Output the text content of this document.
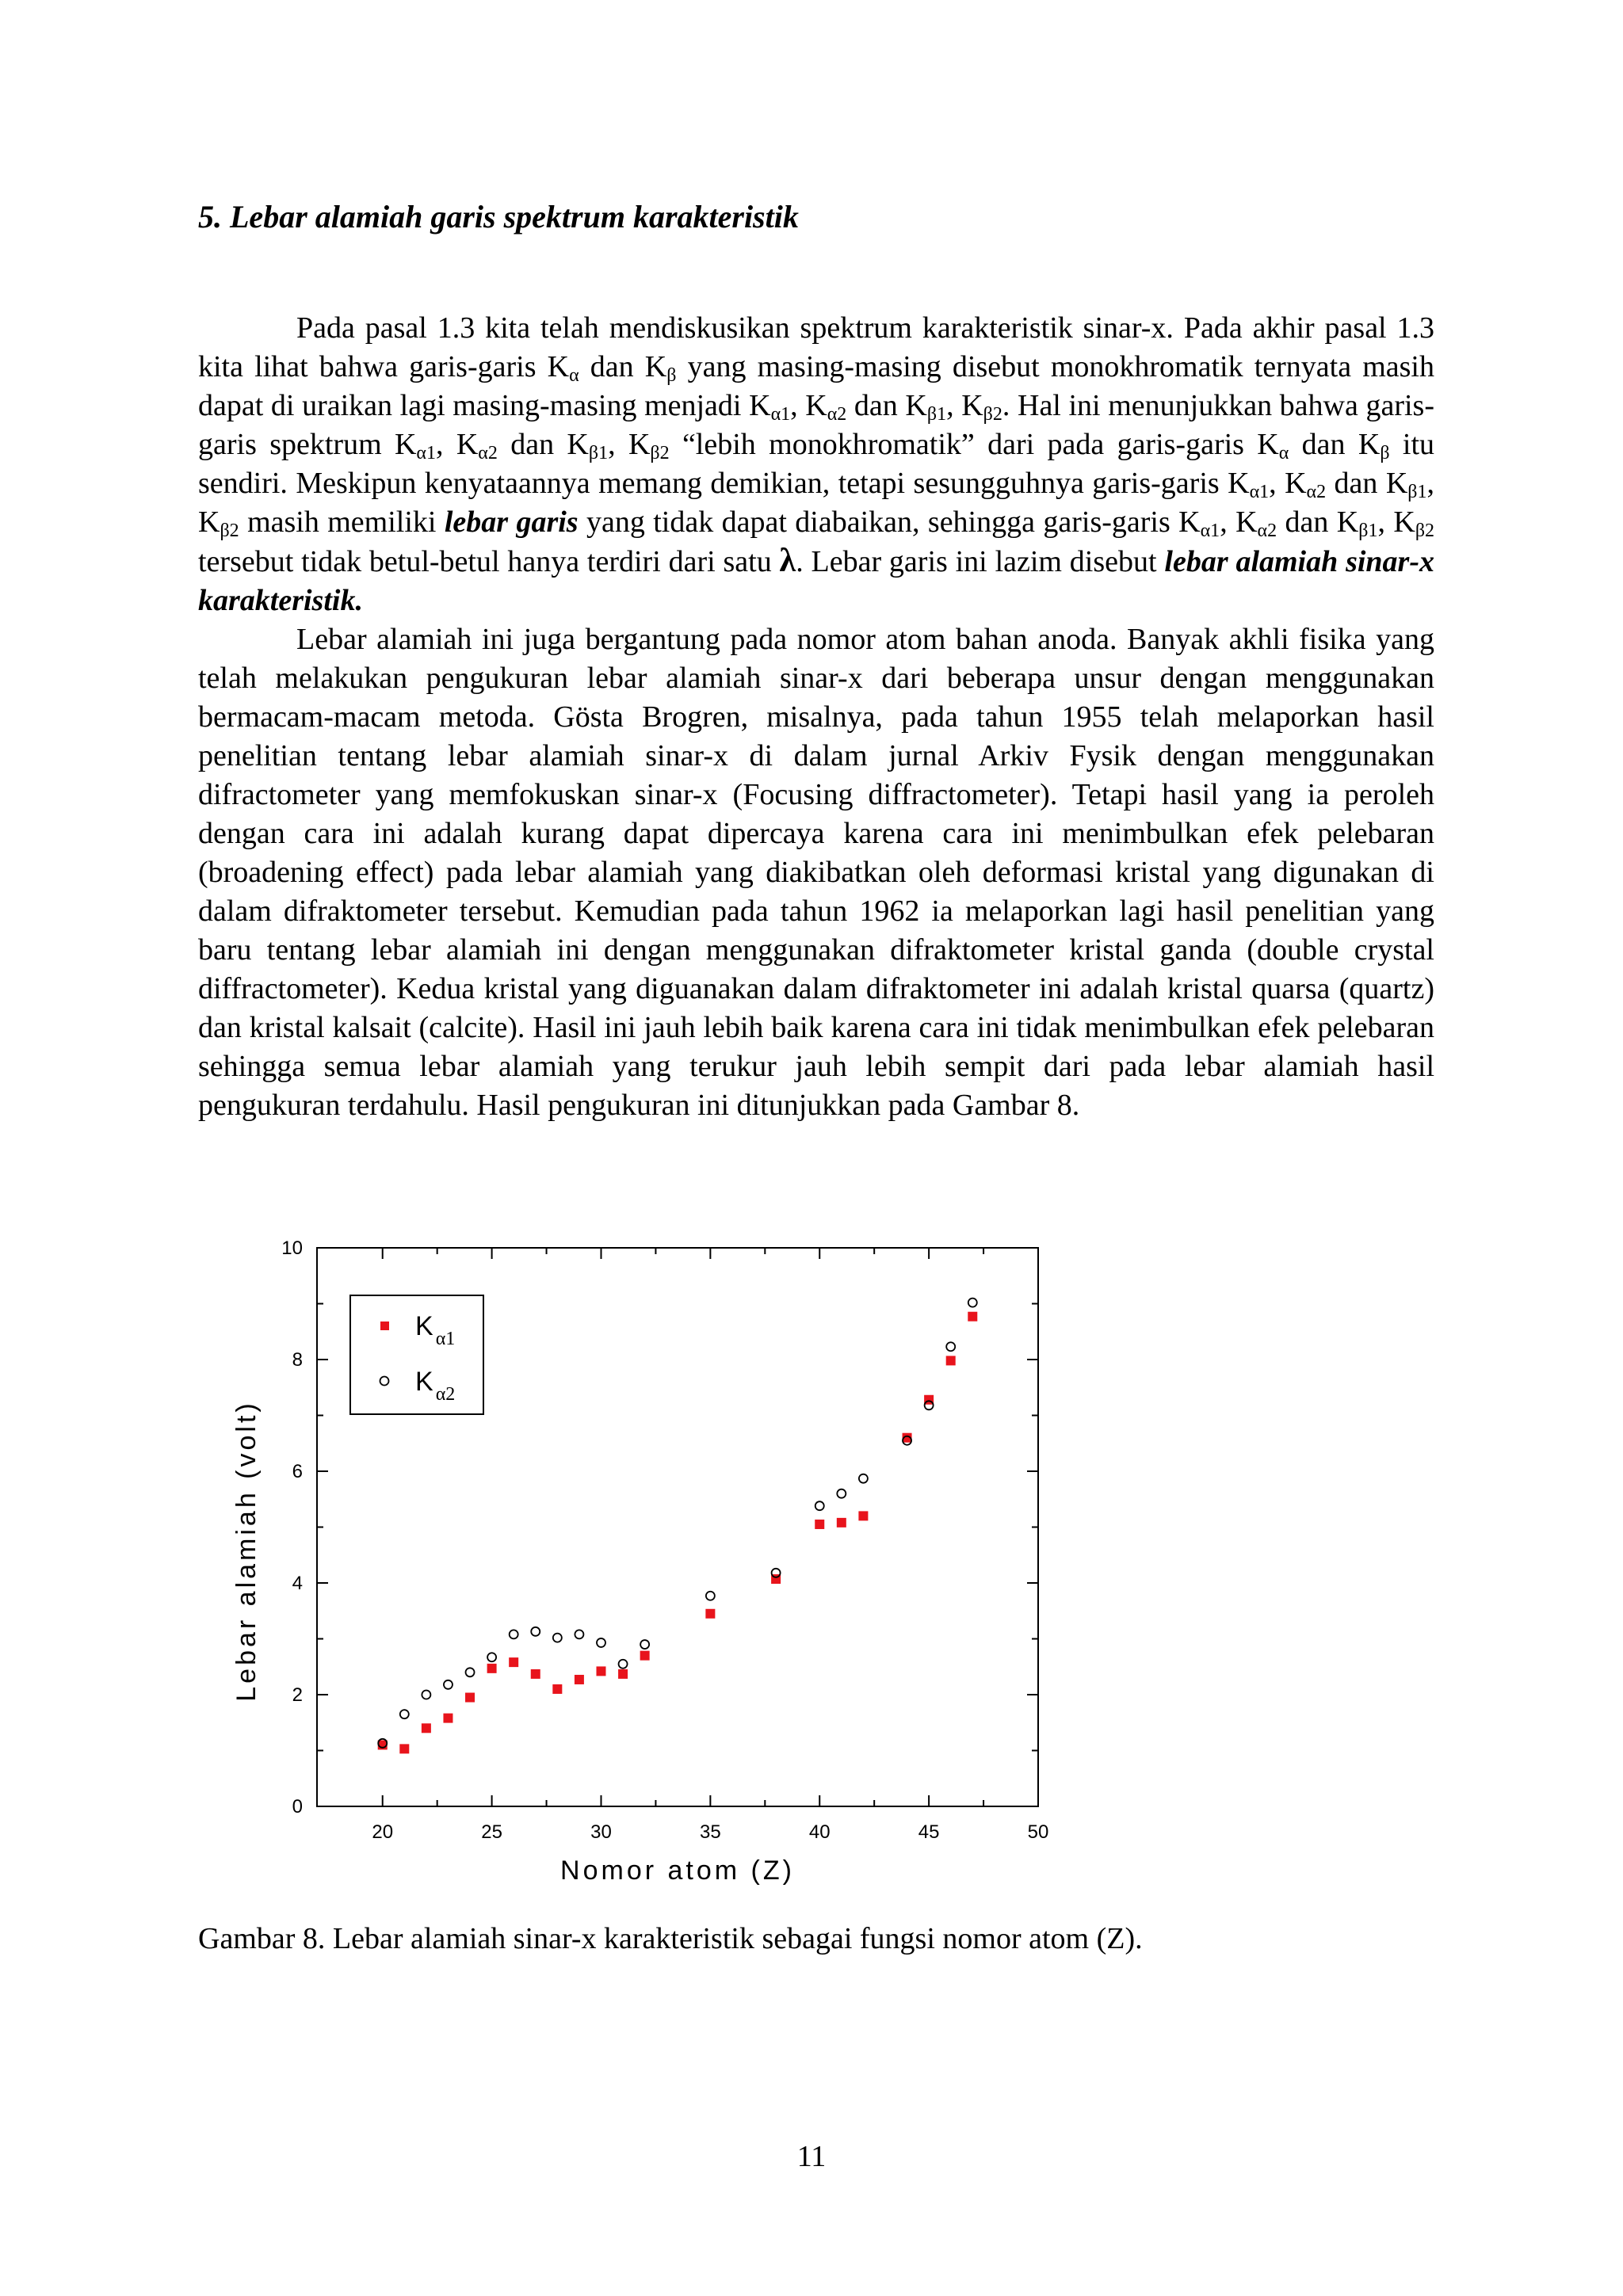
5. Lebar alamiah garis spektrum karakteristik

Pada pasal 1.3 kita telah mendiskusikan spektrum karakteristik sinar-x. Pada akhir pasal 1.3 kita lihat bahwa garis-garis $K_\alpha$ dan $K_\beta$ yang masing-masing disebut monokhromatik ternyata masih dapat di uraikan lagi masing-masing menjadi $K_{\alpha 1}$, $K_{\alpha 2}$ dan $K_{\beta 1}$, $K_{\beta 2}$. Hal ini menunjukkan bahwa garis-garis spektrum $K_{\alpha 1}$, $K_{\alpha 2}$ dan $K_{\beta 1}$, $K_{\beta 2}$ “lebih monokhromatik” dari pada garis-garis $K_\alpha$ dan $K_\beta$ itu sendiri. Meskipun kenyataannya memang demikian, tetapi sesungguhnya garis-garis $K_{\alpha 1}$, $K_{\alpha 2}$ dan $K_{\beta 1}$, $K_{\beta 2}$ masih memiliki lebar garis yang tidak dapat diabaikan, sehingga garis-garis $K_{\alpha 1}$, $K_{\alpha 2}$ dan $K_{\beta 1}$, $K_{\beta 2}$ tersebut tidak betul-betul hanya terdiri dari satu λ. Lebar garis ini lazim disebut lebar alamiah sinar-x karakteristik.

Lebar alamiah ini juga bergantung pada nomor atom bahan anoda. Banyak akhli fisika yang telah melakukan pengukuran lebar alamiah sinar-x dari beberapa unsur dengan menggunakan bermacam-macam metoda. Gösta Brogren, misalnya, pada tahun 1955 telah melaporkan hasil penelitian tentang lebar alamiah sinar-x di dalam jurnal Arkiv Fysik dengan menggunakan difractometer yang memfokuskan sinar-x (Focusing diffractometer). Tetapi hasil yang ia peroleh dengan cara ini adalah kurang dapat dipercaya karena cara ini menimbulkan efek pelebaran (broadening effect) pada lebar alamiah yang diakibatkan oleh deformasi kristal yang digunakan di dalam difraktometer tersebut. Kemudian pada tahun 1962 ia melaporkan lagi hasil penelitian yang baru tentang lebar alamiah ini dengan menggunakan difraktometer kristal ganda (double crystal diffractometer). Kedua kristal yang diguanakan dalam difraktometer ini adalah kristal quarsa (quartz) dan kristal kalsait (calcite). Hasil ini jauh lebih baik karena cara ini tidak menimbulkan efek pelebaran sehingga semua lebar alamiah yang terukur jauh lebih sempit dari pada lebar alamiah hasil pengukuran terdahulu. Hasil pengukuran ini ditunjukkan pada Gambar 8.

20	25	30	35	40	45	50
0
2
4
6
8
10
K $_{\alpha 1}$
K $_{\alpha 2}$
Nomor atom (Z)
Lebar alamiah (volt)
Gambar 8. Lebar alamiah sinar-x karakteristik sebagai fungsi nomor atom (Z).
11
